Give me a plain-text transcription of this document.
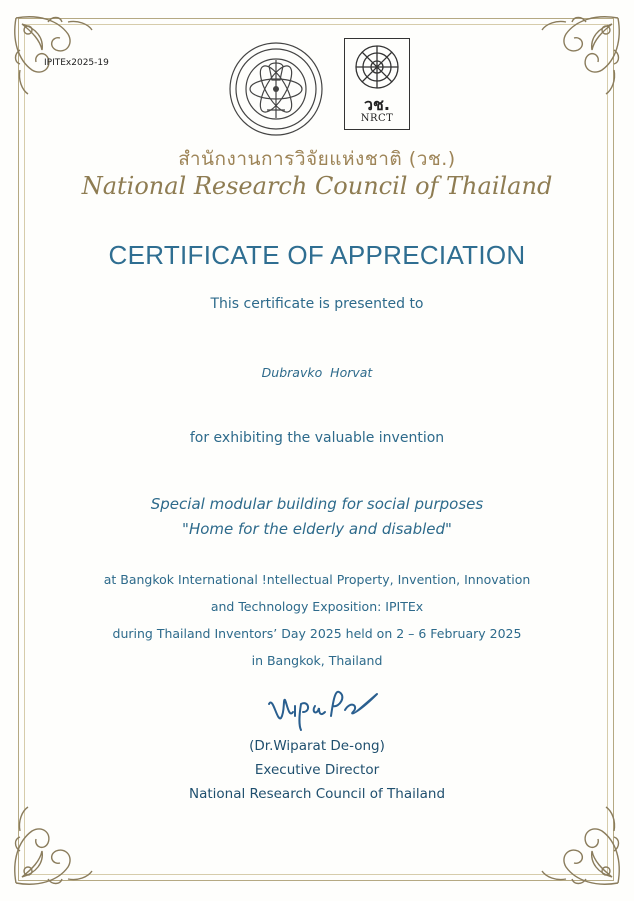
IPITEx2025-19
วช.
NRCT
สำนักงานการวิจัยแห่งชาติ (วช.)
National Research Council of Thailand
CERTIFICATE OF APPRECIATION
This certificate is presented to
Dubravko  Horvat
for exhibiting the valuable invention
Special modular building for social purposes
"Home for the elderly and disabled"
at Bangkok International !ntellectual Property, Invention, Innovation
and Technology Exposition: IPITEx
during Thailand Inventors’ Day 2025 held on 2 – 6 February 2025
in Bangkok, Thailand
(Dr.Wiparat De-ong)
Executive Director
National Research Council of Thailand
